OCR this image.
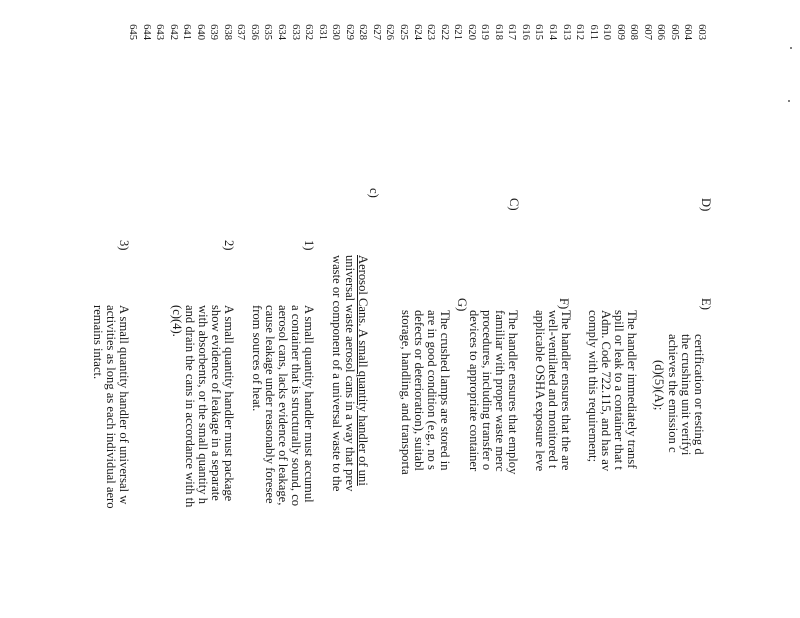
603
604
605
606
607
608
609
610
611
612
613
614
615
616
617
618
619
620
621
622
623
624
625
626
627
628
629
630
631
632
633
634
635
636
637
638
639
640
641
642
643
644
645
C)
certification or testing d
the crushing unit verifyi
achieves the emission c
(d)(5)(A);
D)
The handler immediately transf
spill or leak to a container that t
Adm. Code 722.115, and has av
comply with this requirement;
E)
The handler ensures that the are
well-ventilated and monitored t
applicable OSHA exposure leve
F)
The handler ensures that employ
familiar with proper waste merc
procedures, including transfer o
devices to appropriate container
G)
The crushed lamps are stored in
are in good condition (e.g., no s
defects or deterioration), suitabl
storage, handling, and transporta
c)
Aerosol Cans. A small quantity handler of uni
universal waste aerosol cans in a way that prev
waste or component of a universal waste to the
1)
A small quantity handler must accumul
a container that is structurally sound, co
aerosol cans, lacks evidence of leakage,
cause leakage under reasonably foresee
from sources of heat.
2)
A small quantity handler must package
show evidence of leakage in a separate
with absorbents, or the small quantity h
and drain the cans in accordance with th
(c)(4).
3)
A small quantity handler of universal w
activities as long as each individual aero
remains intact.
